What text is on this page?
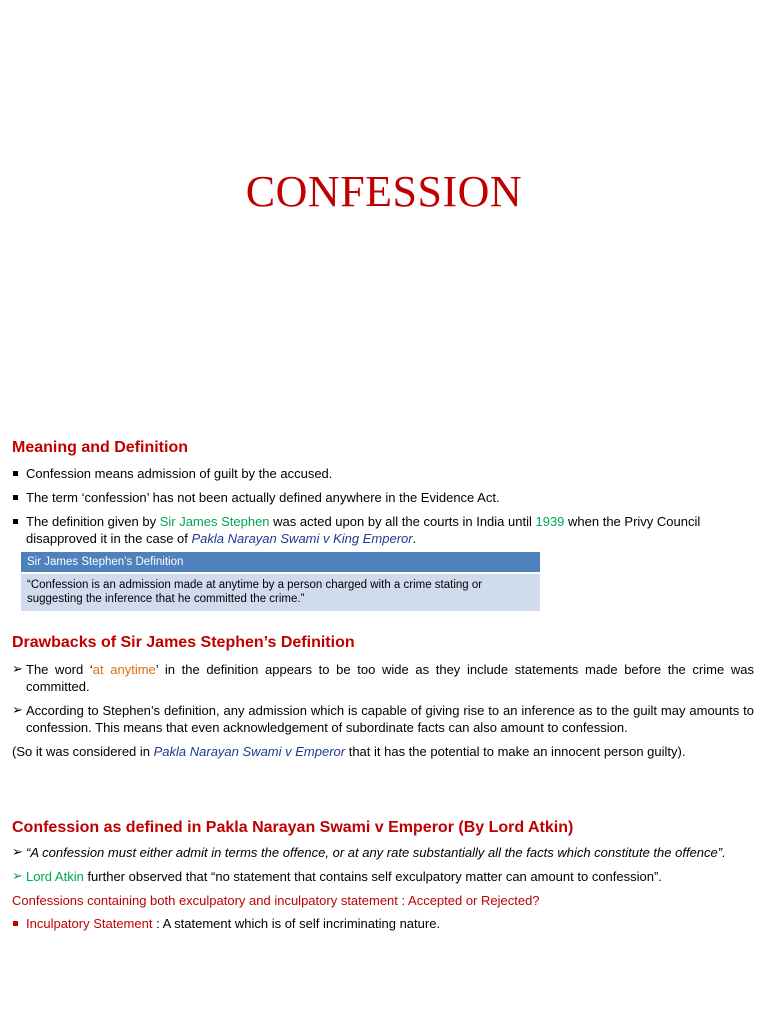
CONFESSION
Meaning and Definition
Confession means admission of guilt by the accused.
The term ‘confession’ has not been actually defined anywhere in the Evidence Act.
The definition given by Sir James Stephen was acted upon by all the courts in India until 1939 when the Privy Council disapproved it in the case of Pakla Narayan Swami v King Emperor.
Sir James Stephen’s Definition
“Confession is an admission made at anytime by a person charged with a crime stating or suggesting the inference that he committed the crime.”
Drawbacks of Sir James Stephen’s Definition
➢ The word ‘at anytime’ in the definition appears to be too wide as they include statements made before the crime was committed.
➢ According to Stephen’s definition, any admission which is capable of giving rise to an inference as to the guilt may amounts to confession. This means that even acknowledgement of subordinate facts can also amount to confession.

(So it was considered in Pakla Narayan Swami v Emperor that it has the potential to make an innocent person guilty).

Confession as defined in Pakla Narayan Swami v Emperor (By Lord Atkin)
➢ “A confession must either admit in terms the offence, or at any rate substantially all the facts which constitute the offence”.
➢ Lord Atkin further observed that “no statement that contains self exculpatory matter can amount to confession”.

Confessions containing both exculpatory and inculpatory statement : Accepted or Rejected?

Inculpatory Statement : A statement which is of self incriminating nature.
